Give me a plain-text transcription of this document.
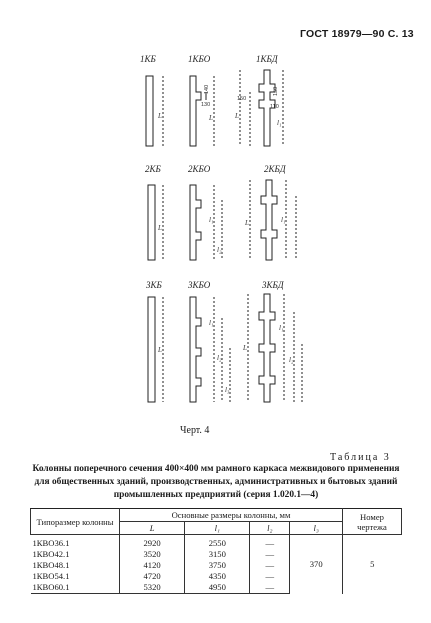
ГОСТ 18979—90 С. 13
1КБ	1КБО	1КБД
2КБ	2КБО	2КБД
3КБ	3КБО	3КБД
L	L
l₁
L
L
l₁
l₂
l₁
L
L
l₁
l₂
l₃
l₁
l₂
L
150
150
110
130
140
Черт. 4
Таблица 3
Колонны поперечного сечения 400×400 мм рамного каркаса межвидового применения для общественных зданий, производственных, административных и бытовых зданий промышленных предприятий (серия 1.020.1—4)
Типоразмер колонны	Основные размеры колонны, мм				Номер чертежа
	L	l₁	l₂	l₃	
1КВО36.1	2920	2550	—	370	5
1КВО42.1	3520	3150	—		
1КВО48.1	4120	3750	—		
1КВО54.1	4720	4350	—		
1КВО60.1	5320	4950	—		
